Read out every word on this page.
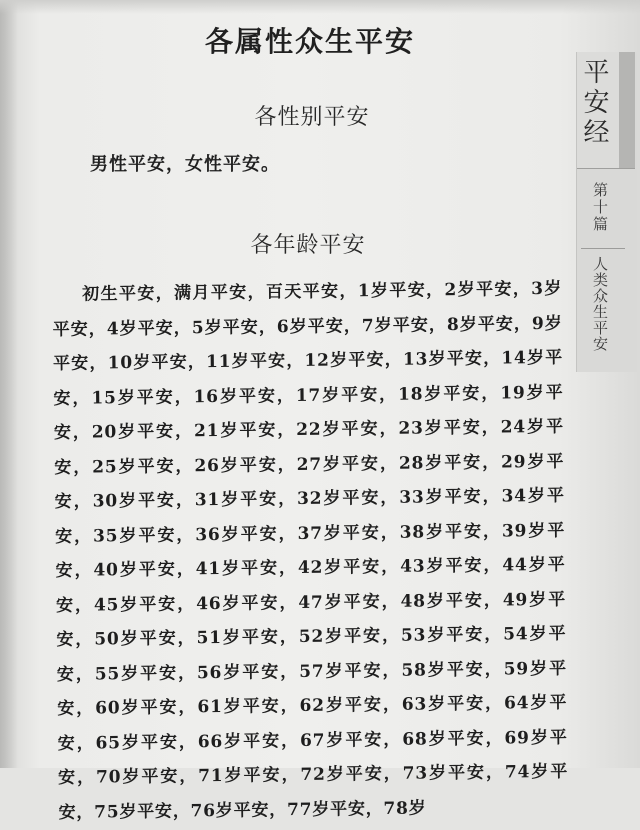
各属性众生平安
各性别平安
男性平安，女性平安。
各年龄平安
初生平安，满月平安，百天平安，1岁平安，2岁平安，3岁平安，4岁平安，5岁平安，6岁平安，7岁平安，8岁平安，9岁平安，10岁平安，11岁平安，12岁平安，13岁平安，14岁平安，15岁平安，16岁平安，17岁平安，18岁平安，19岁平安，20岁平安，21岁平安，22岁平安，23岁平安，24岁平安，25岁平安，26岁平安，27岁平安，28岁平安，29岁平安，30岁平安，31岁平安，32岁平安，33岁平安，34岁平安，35岁平安，36岁平安，37岁平安，38岁平安，39岁平安，40岁平安，41岁平安，42岁平安，43岁平安，44岁平安，45岁平安，46岁平安，47岁平安，48岁平安，49岁平安，50岁平安，51岁平安，52岁平安，53岁平安，54岁平安，55岁平安，56岁平安，57岁平安，58岁平安，59岁平安，60岁平安，61岁平安，62岁平安，63岁平安，64岁平安，65岁平安，66岁平安，67岁平安，68岁平安，69岁平安，70岁平安，71岁平安，72岁平安，73岁平安，74岁平安，75岁平安，76岁平安，77岁平安，78岁
平安经
第十篇
人类众生平安
